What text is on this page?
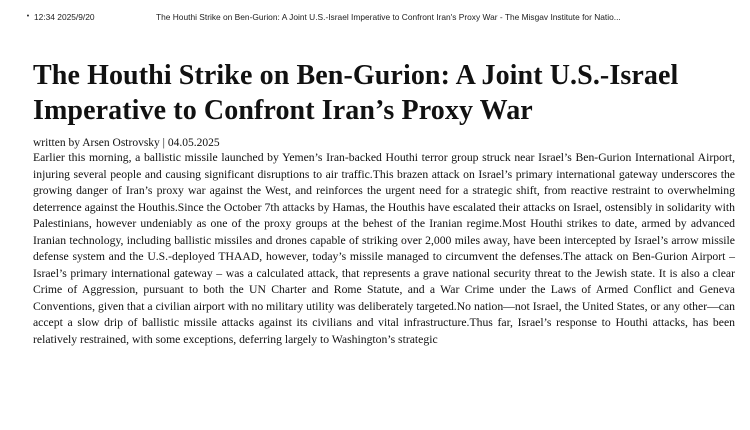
• 12:34 2025/9/20	The Houthi Strike on Ben-Gurion: A Joint U.S.-Israel Imperative to Confront Iran's Proxy War - The Misgav Institute for Natio...
The Houthi Strike on Ben-Gurion: A Joint U.S.-Israel Imperative to Confront Iran’s Proxy War
written by Arsen Ostrovsky | 04.05.2025

Earlier this morning, a ballistic missile launched by Yemen’s Iran-backed Houthi terror group struck near Israel’s Ben-Gurion International Airport, injuring several people and causing significant disruptions to air traffic.This brazen attack on Israel’s primary international gateway underscores the growing danger of Iran’s proxy war against the West, and reinforces the urgent need for a strategic shift, from reactive restraint to overwhelming deterrence against the Houthis.Since the October 7th attacks by Hamas, the Houthis have escalated their attacks on Israel, ostensibly in solidarity with Palestinians, however undeniably as one of the proxy groups at the behest of the Iranian regime.Most Houthi strikes to date, armed by advanced Iranian technology, including ballistic missiles and drones capable of striking over 2,000 miles away, have been intercepted by Israel’s arrow missile defense system and the U.S.-deployed THAAD, however, today’s missile managed to circumvent the defenses.The attack on Ben-Gurion Airport – Israel’s primary international gateway – was a calculated attack, that represents a grave national security threat to the Jewish state. It is also a clear Crime of Aggression, pursuant to both the UN Charter and Rome Statute, and a War Crime under the Laws of Armed Conflict and Geneva Conventions, given that a civilian airport with no military utility was deliberately targeted.No nation—not Israel, the United States, or any other—can accept a slow drip of ballistic missile attacks against its civilians and vital infrastructure.Thus far, Israel’s response to Houthi attacks, has been relatively restrained, with some exceptions, deferring largely to Washington’s strategic
